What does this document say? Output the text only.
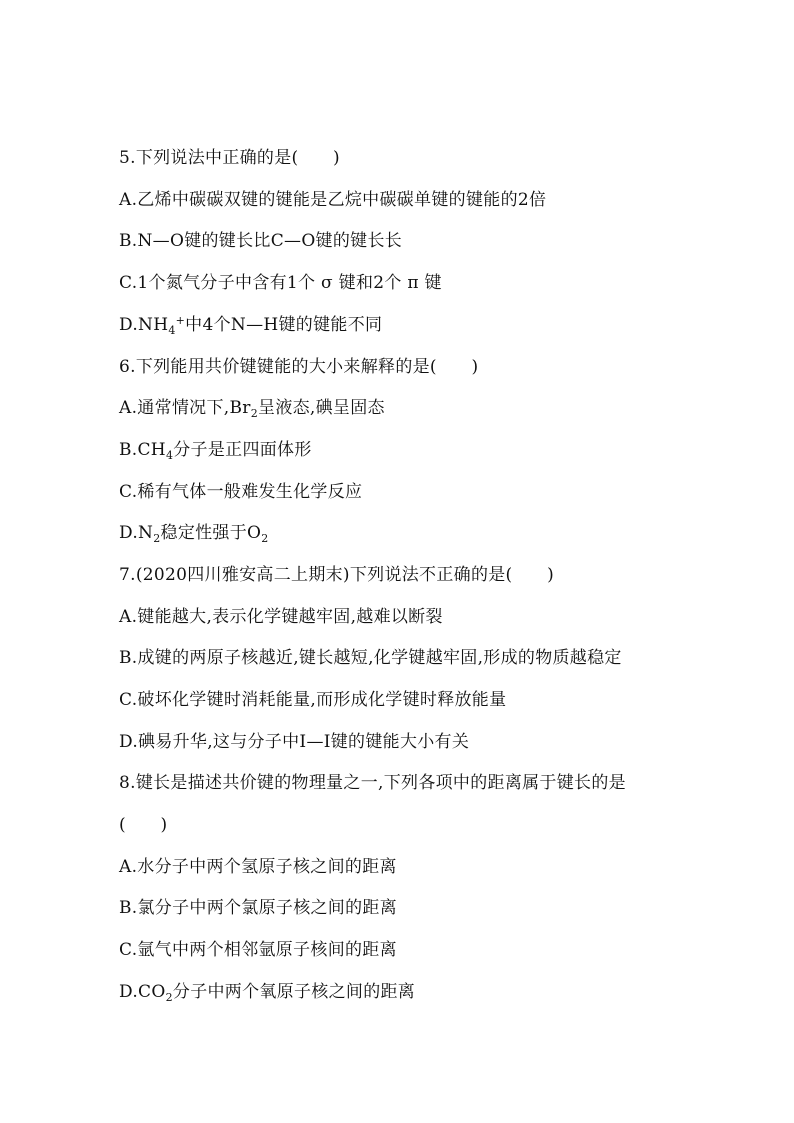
5.下列说法中正确的是(　　)
A.乙烯中碳碳双键的键能是乙烷中碳碳单键的键能的2倍
B.N—O键的键长比C—O键的键长长
C.1个氮气分子中含有1个 σ 键和2个 π 键
$D.NH_4^+$中4个N—H键的键能不同
6.下列能用共价键键能的大小来解释的是(　　)
A.通常情况下$,Br_2$呈液态,碘呈固态
$B.CH_4$分子是正四面体形
C.稀有气体一般难发生化学反应
$D.N_2$稳定性强于$O_2$
7.(2020四川雅安高二上期末)下列说法不正确的是(　　)
A.键能越大,表示化学键越牢固,越难以断裂
B.成键的两原子核越近,键长越短,化学键越牢固,形成的物质越稳定
C.破坏化学键时消耗能量,而形成化学键时释放能量
D.碘易升华,这与分子中I—I键的键能大小有关
8.键长是描述共价键的物理量之一,下列各项中的距离属于键长的是
(　　)
A.水分子中两个氢原子核之间的距离
B.氯分子中两个氯原子核之间的距离
C.氩气中两个相邻氩原子核间的距离
$D.CO_2$分子中两个氧原子核之间的距离
